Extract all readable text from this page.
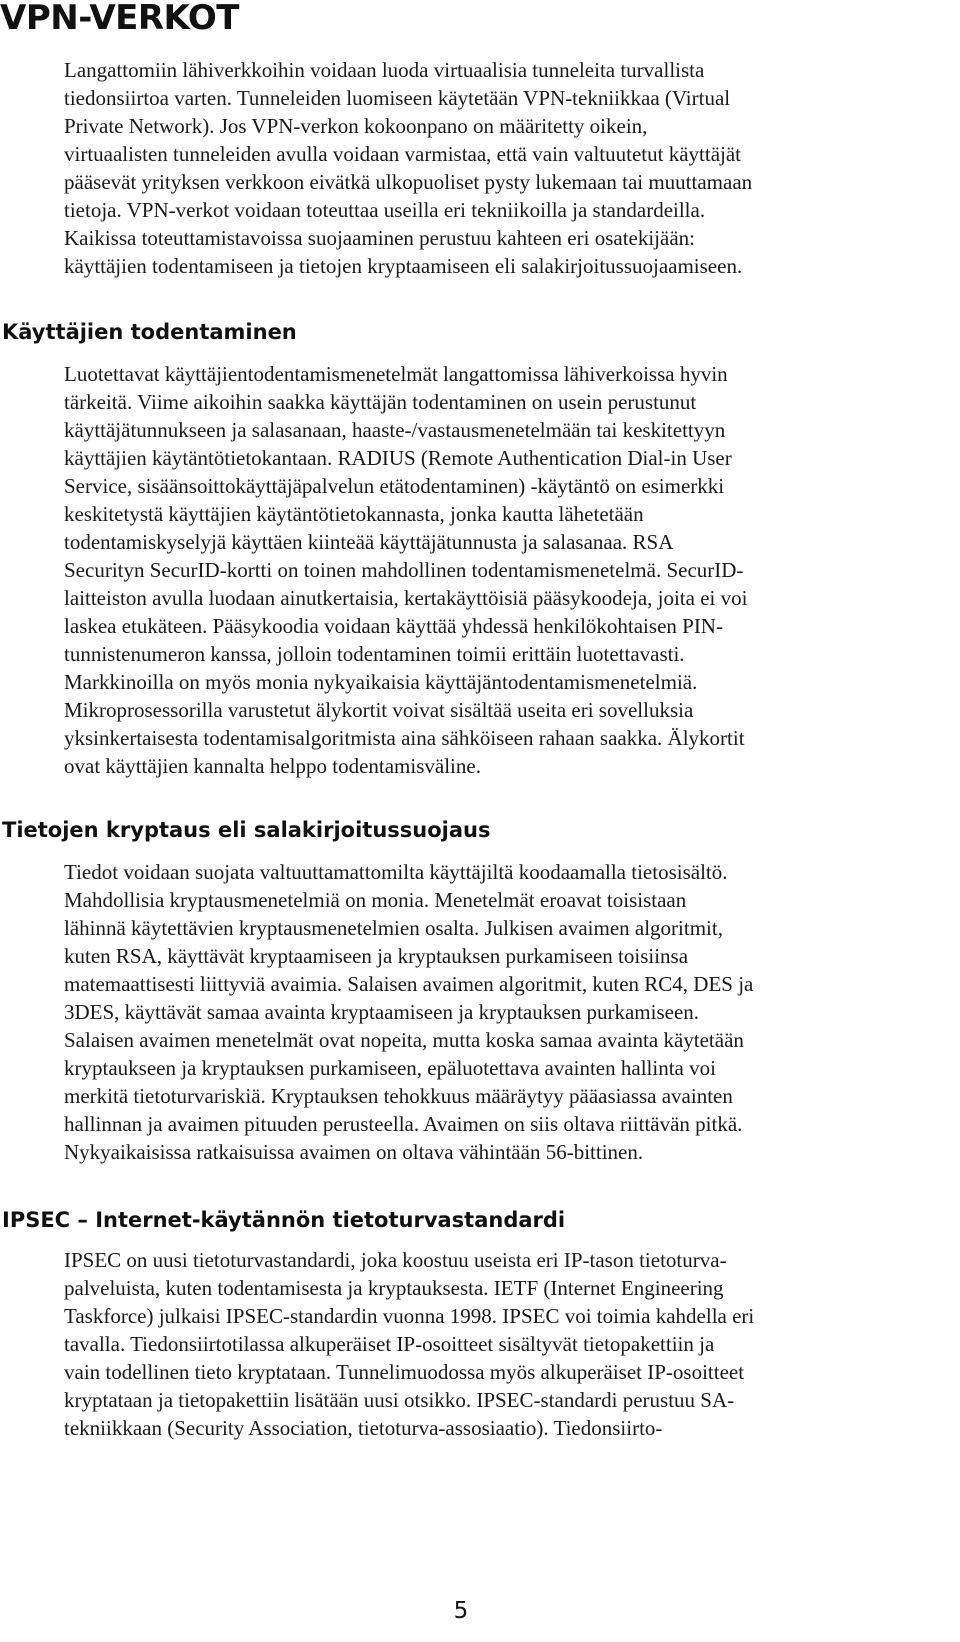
VPN-VERKOT
Langattomiin lähiverkkoihin voidaan luoda virtuaalisia tunneleita turvallista
tiedonsiirtoa varten. Tunneleiden luomiseen käytetään VPN-tekniikkaa (Virtual
Private Network). Jos VPN-verkon kokoonpano on määritetty oikein,
virtuaalisten tunneleiden avulla voidaan varmistaa, että vain valtuutetut käyttäjät
pääsevät yrityksen verkkoon eivätkä ulkopuoliset pysty lukemaan tai muuttamaan
tietoja. VPN-verkot voidaan toteuttaa useilla eri tekniikoilla ja standardeilla.
Kaikissa toteuttamistavoissa suojaaminen perustuu kahteen eri osatekijään:
käyttäjien todentamiseen ja tietojen kryptaamiseen eli salakirjoitussuojaamiseen.
Käyttäjien todentaminen
Luotettavat käyttäjientodentamismenetelmät langattomissa lähiverkoissa hyvin
tärkeitä. Viime aikoihin saakka käyttäjän todentaminen on usein perustunut
käyttäjätunnukseen ja salasanaan, haaste-/vastausmenetelmään tai keskitettyyn
käyttäjien käytäntötietokantaan. RADIUS (Remote Authentication Dial-in User
Service, sisäänsoittokäyttäjäpalvelun etätodentaminen) -käytäntö on esimerkki
keskitetystä käyttäjien käytäntötietokannasta, jonka kautta lähetetään
todentamiskyselyjä käyttäen kiinteää käyttäjätunnusta ja salasanaa. RSA
Securityn SecurID-kortti on toinen mahdollinen todentamismenetelmä. SecurID-
laitteiston avulla luodaan ainutkertaisia, kertakäyttöisiä pääsykoodeja, joita ei voi
laskea etukäteen. Pääsykoodia voidaan käyttää yhdessä henkilökohtaisen PIN-
tunnistenumeron kanssa, jolloin todentaminen toimii erittäin luotettavasti.
Markkinoilla on myös monia nykyaikaisia käyttäjäntodentamismenetelmiä.
Mikroprosessorilla varustetut älykortit voivat sisältää useita eri sovelluksia
yksinkertaisesta todentamisalgoritmista aina sähköiseen rahaan saakka. Älykortit
ovat käyttäjien kannalta helppo todentamisväline.
Tietojen kryptaus eli salakirjoitussuojaus
Tiedot voidaan suojata valtuuttamattomilta käyttäjiltä koodaamalla tietosisältö.
Mahdollisia kryptausmenetelmiä on monia. Menetelmät eroavat toisistaan
lähinnä käytettävien kryptausmenetelmien osalta. Julkisen avaimen algoritmit,
kuten RSA, käyttävät kryptaamiseen ja kryptauksen purkamiseen toisiinsa
matemaattisesti liittyviä avaimia. Salaisen avaimen algoritmit, kuten RC4, DES ja
3DES, käyttävät samaa avainta kryptaamiseen ja kryptauksen purkamiseen.
Salaisen avaimen menetelmät ovat nopeita, mutta koska samaa avainta käytetään
kryptaukseen ja kryptauksen purkamiseen, epäluotettava avainten hallinta voi
merkitä tietoturvariskiä. Kryptauksen tehokkuus määräytyy pääasiassa avainten
hallinnan ja avaimen pituuden perusteella. Avaimen on siis oltava riittävän pitkä.
Nykyaikaisissa ratkaisuissa avaimen on oltava vähintään 56-bittinen.
IPSEC – Internet-käytännön tietoturvastandardi
IPSEC on uusi tietoturvastandardi, joka koostuu useista eri IP-tason tietoturva-
palveluista, kuten todentamisesta ja kryptauksesta. IETF (Internet Engineering
Taskforce) julkaisi IPSEC-standardin vuonna 1998. IPSEC voi toimia kahdella eri
tavalla. Tiedonsiirtotilassa alkuperäiset IP-osoitteet sisältyvät tietopakettiin ja
vain todellinen tieto kryptataan. Tunnelimuodossa myös alkuperäiset IP-osoitteet
kryptataan ja tietopakettiin lisätään uusi otsikko. IPSEC-standardi perustuu SA-
tekniikkaan (Security Association, tietoturva-assosiaatio). Tiedonsiirto-
5
